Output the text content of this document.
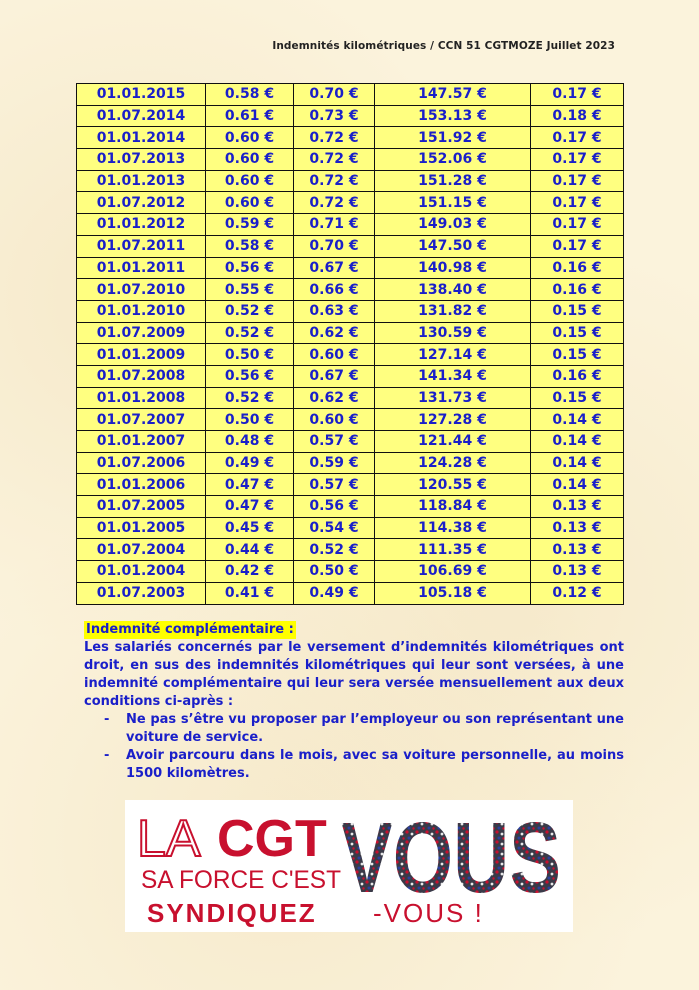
Indemnités kilométriques / CCN 51 CGTMOZE Juillet 2023
01.01.2015	0.58 €	0.70 €	147.57 €	0.17 €
01.07.2014	0.61 €	0.73 €	153.13 €	0.18 €
01.01.2014	0.60 €	0.72 €	151.92 €	0.17 €
01.07.2013	0.60 €	0.72 €	152.06 €	0.17 €
01.01.2013	0.60 €	0.72 €	151.28 €	0.17 €
01.07.2012	0.60 €	0.72 €	151.15 €	0.17 €
01.01.2012	0.59 €	0.71 €	149.03 €	0.17 €
01.07.2011	0.58 €	0.70 €	147.50 €	0.17 €
01.01.2011	0.56 €	0.67 €	140.98 €	0.16 €
01.07.2010	0.55 €	0.66 €	138.40 €	0.16 €
01.01.2010	0.52 €	0.63 €	131.82 €	0.15 €
01.07.2009	0.52 €	0.62 €	130.59 €	0.15 €
01.01.2009	0.50 €	0.60 €	127.14 €	0.15 €
01.07.2008	0.56 €	0.67 €	141.34 €	0.16 €
01.01.2008	0.52 €	0.62 €	131.73 €	0.15 €
01.07.2007	0.50 €	0.60 €	127.28 €	0.14 €
01.01.2007	0.48 €	0.57 €	121.44 €	0.14 €
01.07.2006	0.49 €	0.59 €	124.28 €	0.14 €
01.01.2006	0.47 €	0.57 €	120.55 €	0.14 €
01.07.2005	0.47 €	0.56 €	118.84 €	0.13 €
01.01.2005	0.45 €	0.54 €	114.38 €	0.13 €
01.07.2004	0.44 €	0.52 €	111.35 €	0.13 €
01.01.2004	0.42 €	0.50 €	106.69 €	0.13 €
01.07.2003	0.41 €	0.49 €	105.18 €	0.12 €
Indemnité complémentaire :

Les salariés concernés par le versement d’indemnités kilométriques ont droit, en sus des indemnités kilométriques qui leur sont versées, à une indemnité complémentaire qui leur sera versée mensuellement aux deux conditions ci-après :

- Ne pas s’être vu proposer par l’employeur ou son représentant une voiture de service.
- Avoir parcouru dans le mois, avec sa voiture personnelle, au moins 1500 kilomètres.
LA CGT VOUS
SA FORCE C'EST
SYNDIQUEZ -VOUS !
